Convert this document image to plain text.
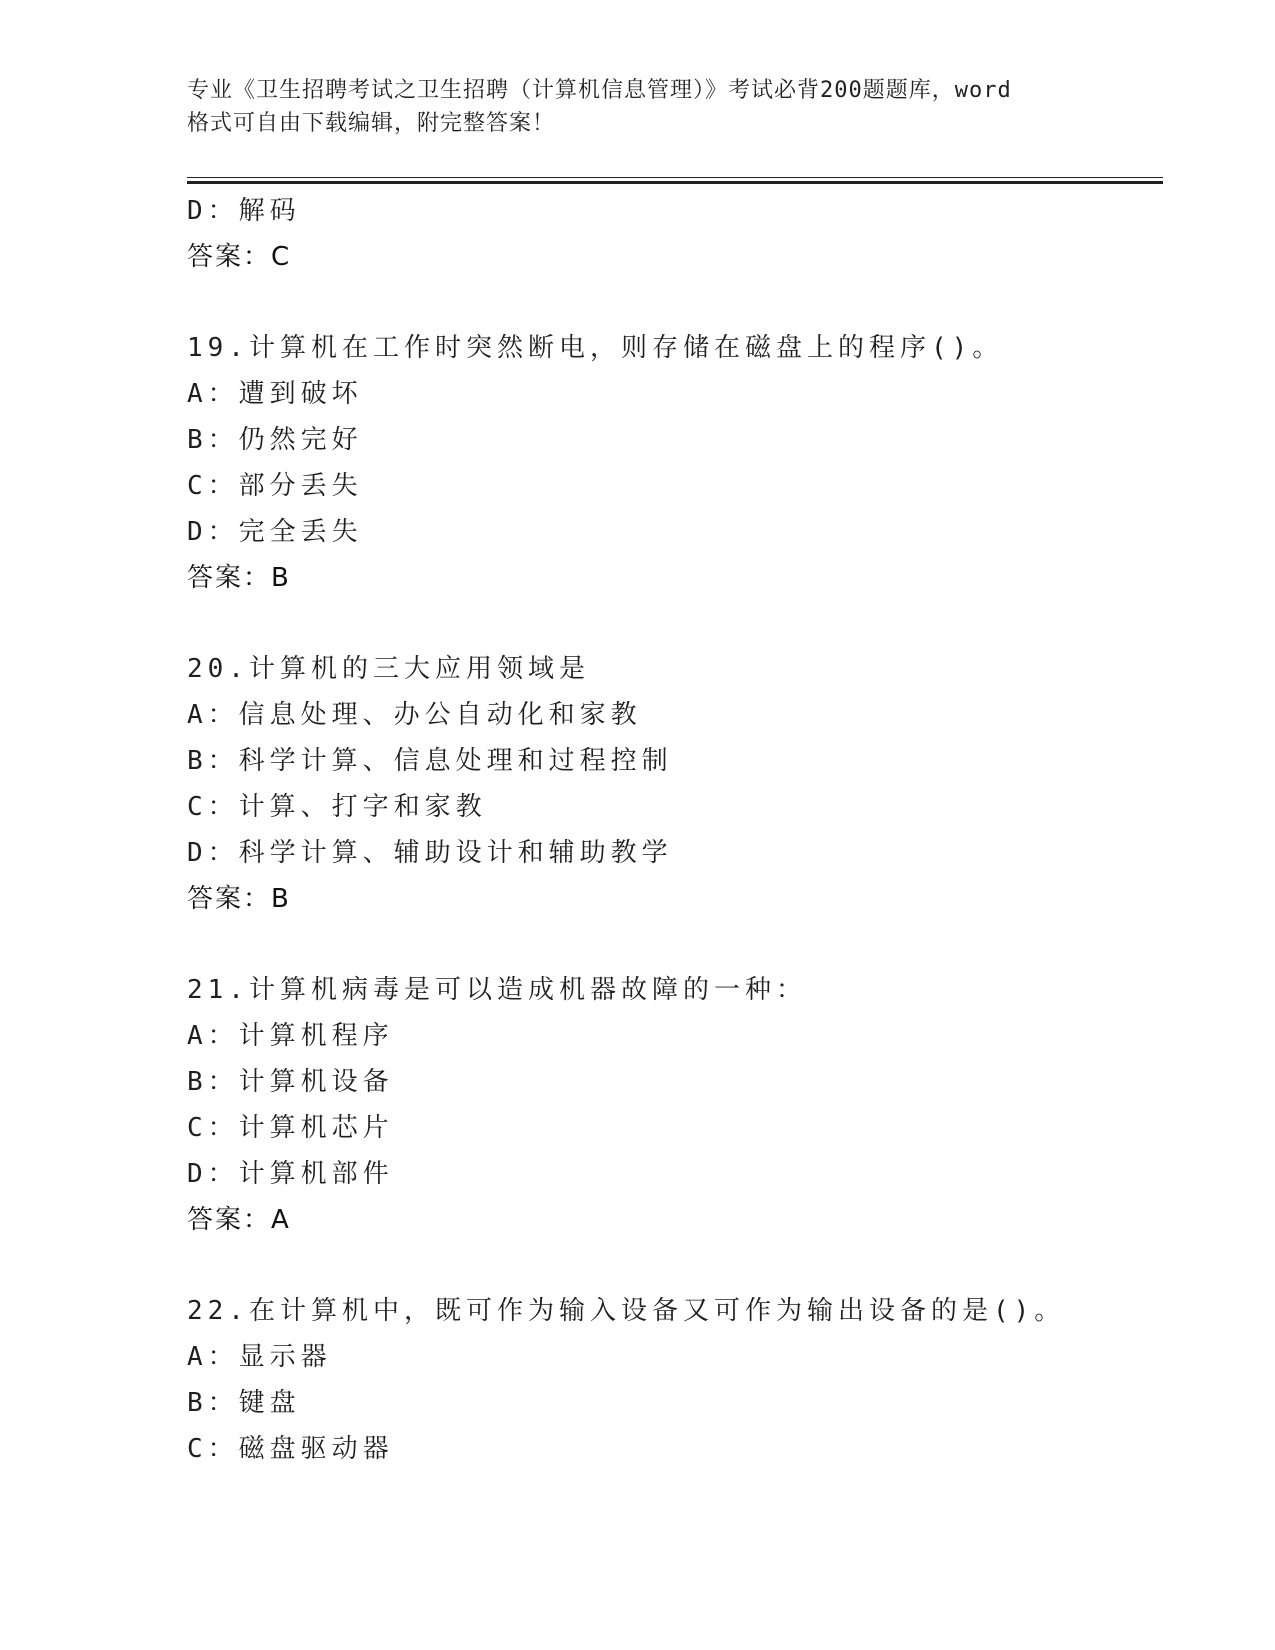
专业《卫生招聘考试之卫生招聘（计算机信息管理）》考试必背200题题库，word
格式可自由下载编辑，附完整答案！
D：解码
答案：C
19.计算机在工作时突然断电，则存储在磁盘上的程序()。
A：遭到破坏
B：仍然完好
C：部分丢失
D：完全丢失
答案：B
20.计算机的三大应用领域是
A：信息处理、办公自动化和家教
B：科学计算、信息处理和过程控制
C：计算、打字和家教
D：科学计算、辅助设计和辅助教学
答案：B
21.计算机病毒是可以造成机器故障的一种：
A：计算机程序
B：计算机设备
C：计算机芯片
D：计算机部件
答案：A
22.在计算机中，既可作为输入设备又可作为输出设备的是()。
A：显示器
B：键盘
C：磁盘驱动器
